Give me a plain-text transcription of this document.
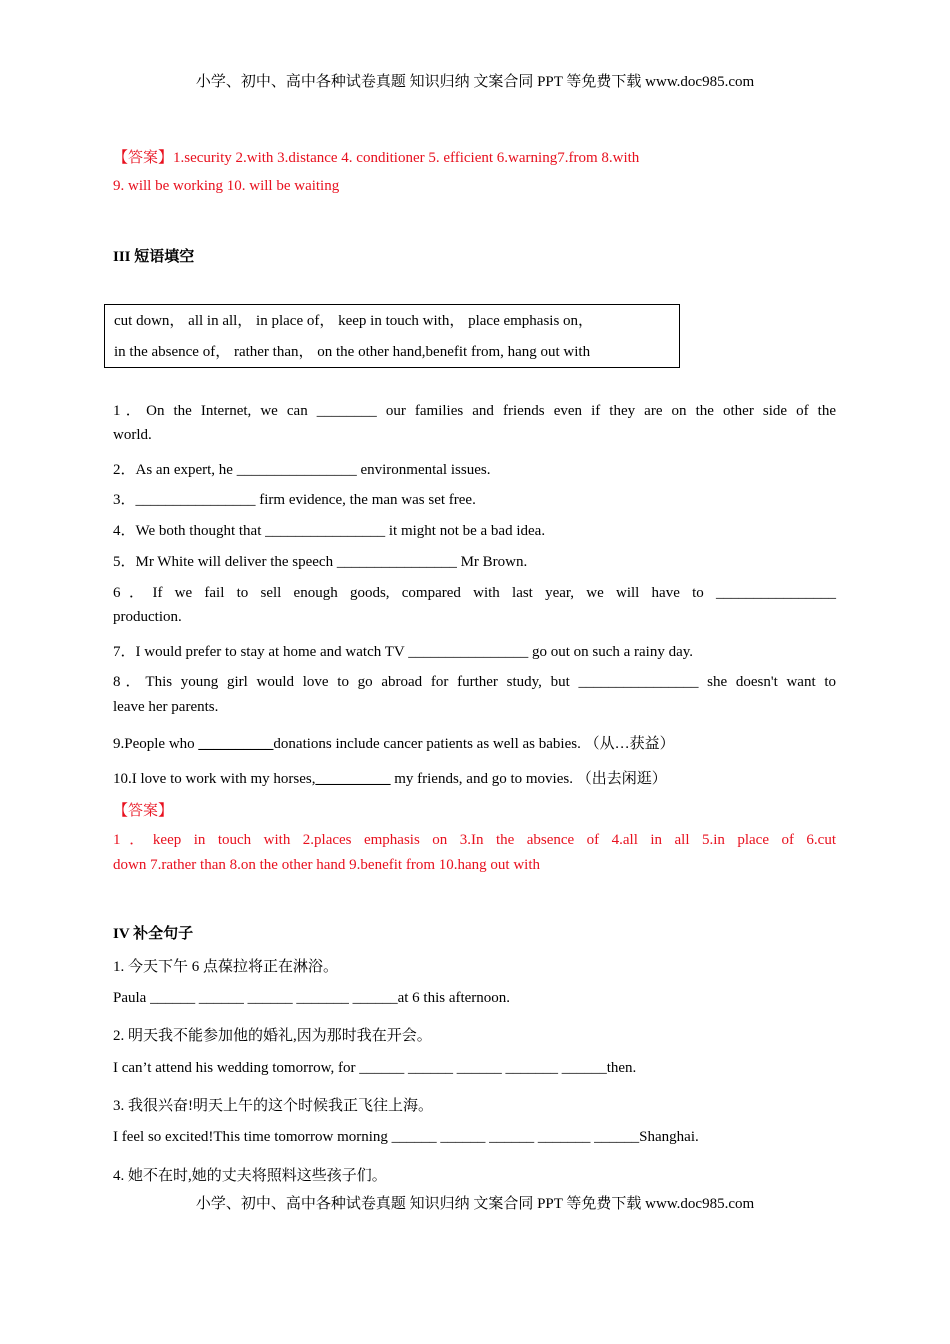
小学、初中、高中各种试卷真题 知识归纳 文案合同 PPT 等免费下载 www.doc985.com
【答案】1.security 2.with 3.distance 4. conditioner 5. efficient 6.warning7.from 8.with
9. will be working 10. will be waiting
III 短语填空
cut down， all in all， in place of， keep in touch with， place emphasis on，
in the absence of， rather than， on the other hand,benefit from, hang out with
1．On the Internet, we can ________ our families and friends even if they are on the other side of the
world.
2．As an expert, he ________________ environmental issues.
3．________________ firm evidence, the man was set free.
4．We both thought that ________________ it might not be a bad idea.
5．Mr White will deliver the speech ________________ Mr Brown.
6．If we fail to sell enough goods, compared with last year, we will have to ________________
production.
7．I would prefer to stay at home and watch TV ________________ go out on such a rainy day.
8．This young girl would love to go abroad for further study, but ________________ she doesn't want to
leave her parents.
9.People who __________donations include cancer patients as well as babies. （从…获益）
10.I love to work with my horses,__________ my friends, and go to movies. （出去闲逛）
【答案】
1．keep in touch with 2.places emphasis on 3.In the absence of 4.all in all 5.in place of 6.cut
down 7.rather than 8.on the other hand 9.benefit from 10.hang out with
IV 补全句子
1. 今天下午 6 点葆拉将正在淋浴。
Paula ______ ______ ______ _______ ______at 6 this afternoon.
2. 明天我不能参加他的婚礼,因为那时我在开会。
I can’t attend his wedding tomorrow, for ______ ______ ______ _______ ______then.
3. 我很兴奋!明天上午的这个时候我正飞往上海。
I feel so excited!This time tomorrow morning ______ ______ ______ _______ ______Shanghai.
4. 她不在时,她的丈夫将照料这些孩子们。
小学、初中、高中各种试卷真题 知识归纳 文案合同 PPT 等免费下载 www.doc985.com
